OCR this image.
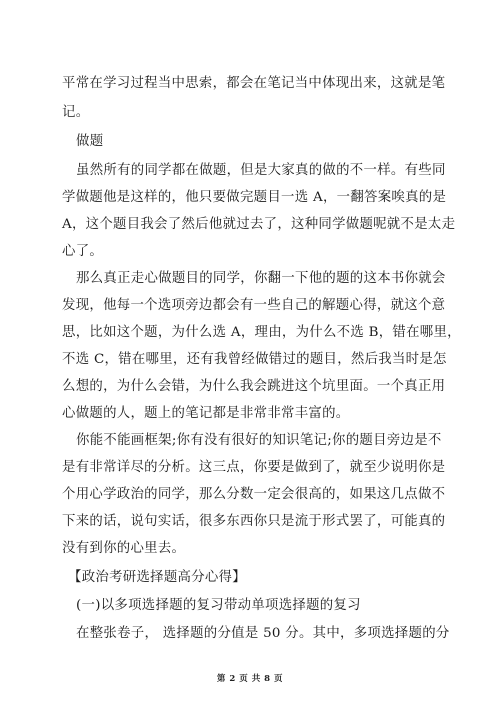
平常在学习过程当中思索，都会在笔记当中体现出来，这就是笔
记。
做题
虽然所有的同学都在做题，但是大家真的做的不一样。有些同
学做题他是这样的，他只要做完题目一选 A，一翻答案唉真的是
A，这个题目我会了然后他就过去了，这种同学做题呢就不是太走
心了。
那么真正走心做题目的同学，你翻一下他的题的这本书你就会
发现，他每一个选项旁边都会有一些自己的解题心得，就这个意
思，比如这个题，为什么选 A，理由，为什么不选 B，错在哪里，
不选 C，错在哪里，还有我曾经做错过的题目，然后我当时是怎
么想的，为什么会错，为什么我会跳进这个坑里面。一个真正用
心做题的人，题上的笔记都是非常非常丰富的。
你能不能画框架;你有没有很好的知识笔记;你的题目旁边是不
是有非常详尽的分析。这三点，你要是做到了，就至少说明你是
个用心学政治的同学，那么分数一定会很高的，如果这几点做不
下来的话，说句实话，很多东西你只是流于形式罢了，可能真的
没有到你的心里去。
【政治考研选择题高分心得】
(一)以多项选择题的复习带动单项选择题的复习
在整张卷子， 选择题的分值是 50 分。其中，多项选择题的分
第 2 页 共 8 页
